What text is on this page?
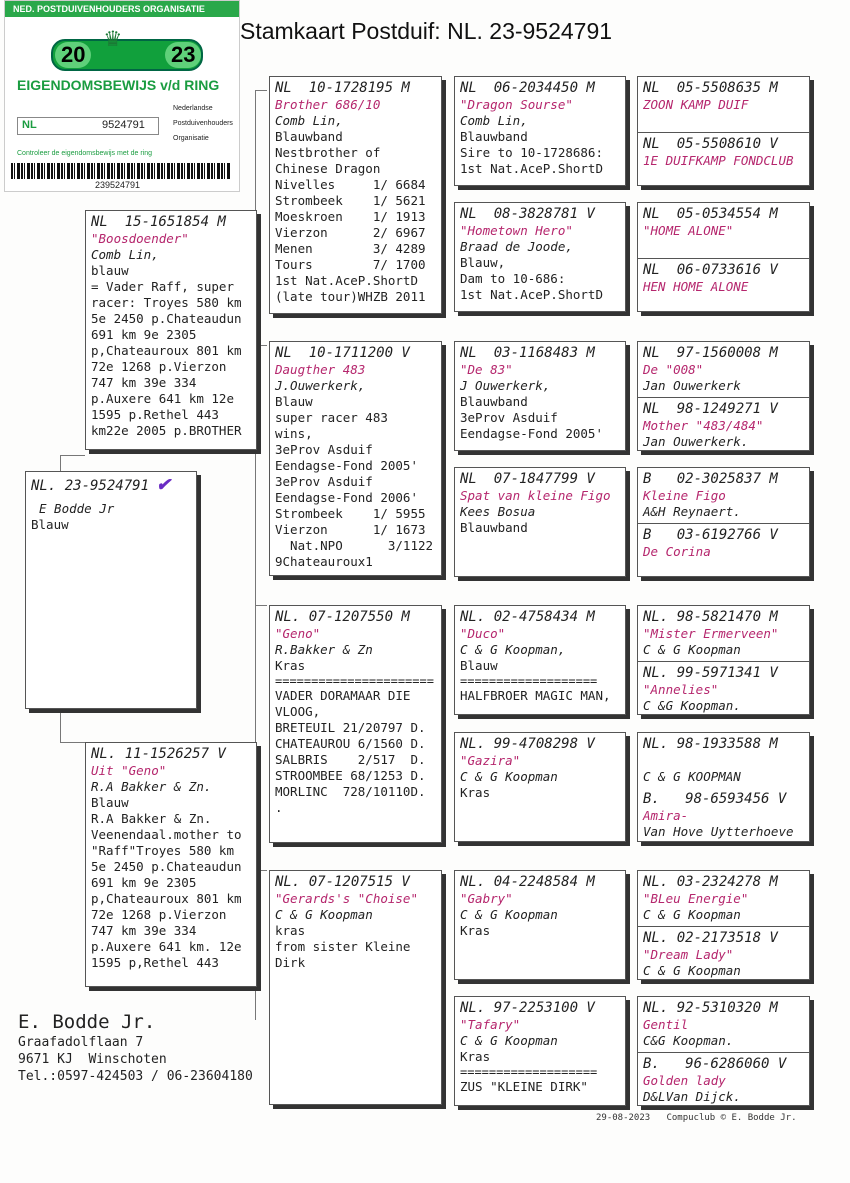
Stamkaart Postduif: NL. 23-9524791
NED. POSTDUIVENHOUDERS ORGANISATIE
20	23
♛
EIGENDOMSBEWIJS v/d RING
NL	9524791
Nederlandse
Postduivenhouders
Organisatie
Controleer de eigendomsbewijs met de ring
239524791
NL. 23-9524791 ✔
E Bodde Jr
Blauw
NL  15-1651854 M
"Boosdoender"
Comb Lin,
blauw
= Vader Raff, super
racer: Troyes 580 km
5e 2450 p.Chateaudun
691 km 9e 2305
p,Chateauroux 801 km
72e 1268 p.Vierzon
747 km 39e 334
p.Auxere 641 km 12e
1595 p.Rethel 443
km22e 2005 p.BROTHER
NL. 11-1526257 V
Uit "Geno"
R.A Bakker & Zn.
Blauw
R.A Bakker & Zn.
Veenendaal.mother to
"Raff"Troyes 580 km
5e 2450 p.Chateaudun
691 km 9e 2305
p,Chateauroux 801 km
72e 1268 p.Vierzon
747 km 39e 334
p.Auxere 641 km. 12e
1595 p,Rethel 443
NL  10-1728195 M
Brother 686/10
Comb Lin,
Blauwband
Nestbrother of
Chinese Dragon
Nivelles     1/ 6684
Strombeek    1/ 5621
Moeskroen    1/ 1913
Vierzon      2/ 6967
Menen        3/ 4289
Tours        7/ 1700
1st Nat.AceP.ShortD
(late tour)WHZB 2011
NL  10-1711200 V
Daugther 483
J.Ouwerkerk,
Blauw
super racer 483
wins,
3eProv Asduif
Eendagse-Fond 2005'
3eProv Asduif
Eendagse-Fond 2006'
Strombeek    1/ 5955
Vierzon      1/ 1673
Nat.NPO      3/1122
9Chateauroux1
NL. 07-1207550 M
"Geno"
R.Bakker & Zn
Kras
======================
VADER DORAMAAR DIE
VLOOG,
BRETEUIL 21/20797 D.
CHATEAUROU 6/1560 D.
SALBRIS    2/517  D.
STROOMBEE 68/1253 D.
MORLINC  728/10110D.
.
NL. 07-1207515 V
"Gerards's "Choise"
C & G Koopman
kras
from sister Kleine
Dirk
NL  06-2034450 M
"Dragon Sourse"
Comb Lin,
Blauwband
Sire to 10-1728686:
1st Nat.AceP.ShortD
NL  08-3828781 V
"Hometown Hero"
Braad de Joode,
Blauw,
Dam to 10-686:
1st Nat.AceP.ShortD
NL  03-1168483 M
"De 83"
J Ouwerkerk,
Blauwband
3eProv Asduif
Eendagse-Fond 2005'
NL  07-1847799 V
Spat van kleine Figo
Kees Bosua
Blauwband
NL. 02-4758434 M
"Duco"
C & G Koopman,
Blauw
===================
HALFBROER MAGIC MAN,
NL. 99-4708298 V
"Gazira"
C & G Koopman
Kras
NL. 04-2248584 M
"Gabry"
C & G Koopman
Kras
NL. 97-2253100 V
"Tafary"
C & G Koopman
Kras
===================
ZUS "KLEINE DIRK"
NL  05-5508635 M
ZOON KAMP DUIF
NL  05-5508610 V
1E DUIFKAMP FONDCLUB
NL  05-0534554 M
"HOME ALONE"
NL  06-0733616 V
HEN HOME ALONE
NL  97-1560008 M
De "008"
Jan Ouwerkerk
NL  98-1249271 V
Mother "483/484"
Jan Ouwerkerk.
B   02-3025837 M
Kleine Figo
A&H Reynaert.
B   03-6192766 V
De Corina
NL. 98-5821470 M
"Mister Ermerveen"
C & G Koopman
NL. 99-5971341 V
"Annelies"
C &G Koopman.
NL. 98-1933588 M
C & G KOOPMAN
B.   98-6593456 V
Amira-
Van Hove Uytterhoeve
NL. 03-2324278 M
"BLeu Energie"
C & G Koopman
NL. 02-2173518 V
"Dream Lady"
C & G Koopman
NL. 92-5310320 M
Gentil
C&G Koopman.
B.   96-6286060 V
Golden lady
D&LVan Dijck.
E. Bodde Jr.
Graafadolflaan 7
9671 KJ  Winschoten
Tel.:0597-424503 / 06-23604180
29-08-2023   Compuclub © E. Bodde Jr.
